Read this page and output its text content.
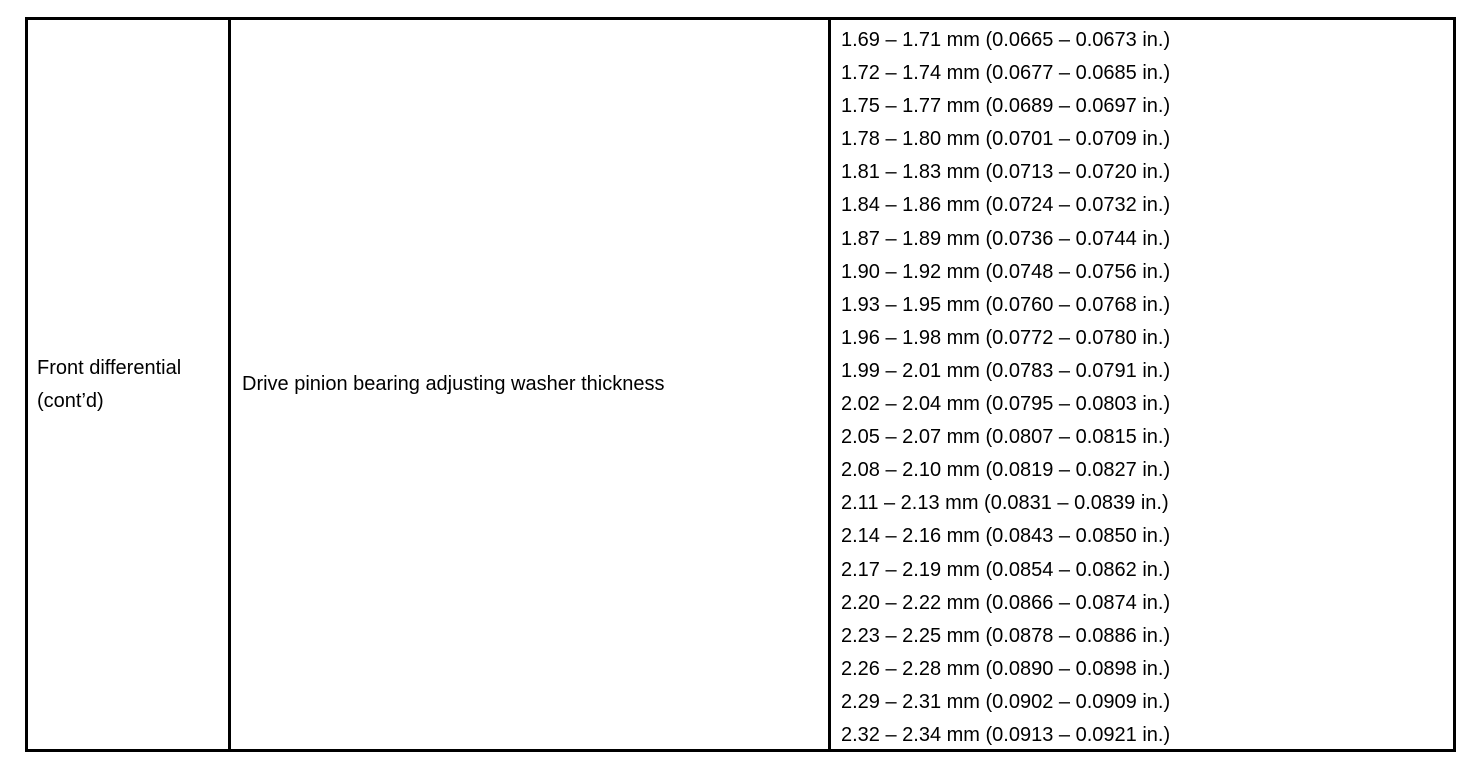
Front differential
(cont’d)
Drive pinion bearing adjusting washer thickness
1.69 – 1.71 mm (0.0665 – 0.0673 in.)
1.72 – 1.74 mm (0.0677 – 0.0685 in.)
1.75 – 1.77 mm (0.0689 – 0.0697 in.)
1.78 – 1.80 mm (0.0701 – 0.0709 in.)
1.81 – 1.83 mm (0.0713 – 0.0720 in.)
1.84 – 1.86 mm (0.0724 – 0.0732 in.)
1.87 – 1.89 mm (0.0736 – 0.0744 in.)
1.90 – 1.92 mm (0.0748 – 0.0756 in.)
1.93 – 1.95 mm (0.0760 – 0.0768 in.)
1.96 – 1.98 mm (0.0772 – 0.0780 in.)
1.99 – 2.01 mm (0.0783 – 0.0791 in.)
2.02 – 2.04 mm (0.0795 – 0.0803 in.)
2.05 – 2.07 mm (0.0807 – 0.0815 in.)
2.08 – 2.10 mm (0.0819 – 0.0827 in.)
2.11 – 2.13 mm (0.0831 – 0.0839 in.)
2.14 – 2.16 mm (0.0843 – 0.0850 in.)
2.17 – 2.19 mm (0.0854 – 0.0862 in.)
2.20 – 2.22 mm (0.0866 – 0.0874 in.)
2.23 – 2.25 mm (0.0878 – 0.0886 in.)
2.26 – 2.28 mm (0.0890 – 0.0898 in.)
2.29 – 2.31 mm (0.0902 – 0.0909 in.)
2.32 – 2.34 mm (0.0913 – 0.0921 in.)
